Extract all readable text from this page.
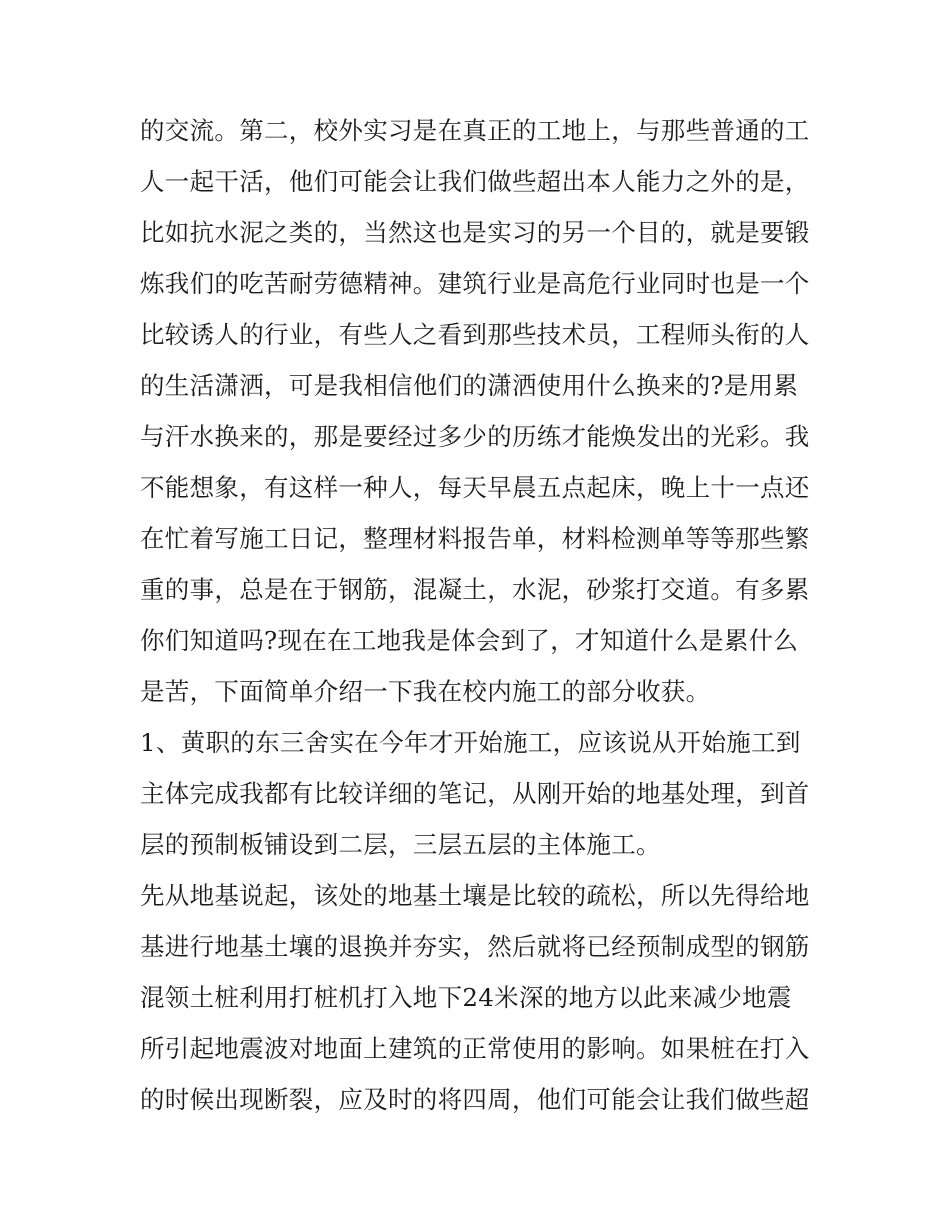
的交流。第二，校外实习是在真正的工地上，与那些普通的工
人一起干活，他们可能会让我们做些超出本人能力之外的是，
比如抗水泥之类的，当然这也是实习的另一个目的，就是要锻
炼我们的吃苦耐劳德精神。建筑行业是高危行业同时也是一个
比较诱人的行业，有些人之看到那些技术员，工程师头衔的人
的生活潇洒，可是我相信他们的潇洒使用什么换来的?是用累
与汗水换来的，那是要经过多少的历练才能焕发出的光彩。我
不能想象，有这样一种人，每天早晨五点起床，晚上十一点还
在忙着写施工日记，整理材料报告单，材料检测单等等那些繁
重的事，总是在于钢筋，混凝土，水泥，砂浆打交道。有多累
你们知道吗?现在在工地我是体会到了，才知道什么是累什么
是苦，下面简单介绍一下我在校内施工的部分收获。
1、黄职的东三舍实在今年才开始施工，应该说从开始施工到
主体完成我都有比较详细的笔记，从刚开始的地基处理，到首
层的预制板铺设到二层，三层五层的主体施工。
先从地基说起，该处的地基土壤是比较的疏松，所以先得给地
基进行地基土壤的退换并夯实，然后就将已经预制成型的钢筋
混领土桩利用打桩机打入地下24米深的地方以此来减少地震
所引起地震波对地面上建筑的正常使用的影响。如果桩在打入
的时候出现断裂，应及时的将四周，他们可能会让我们做些超
